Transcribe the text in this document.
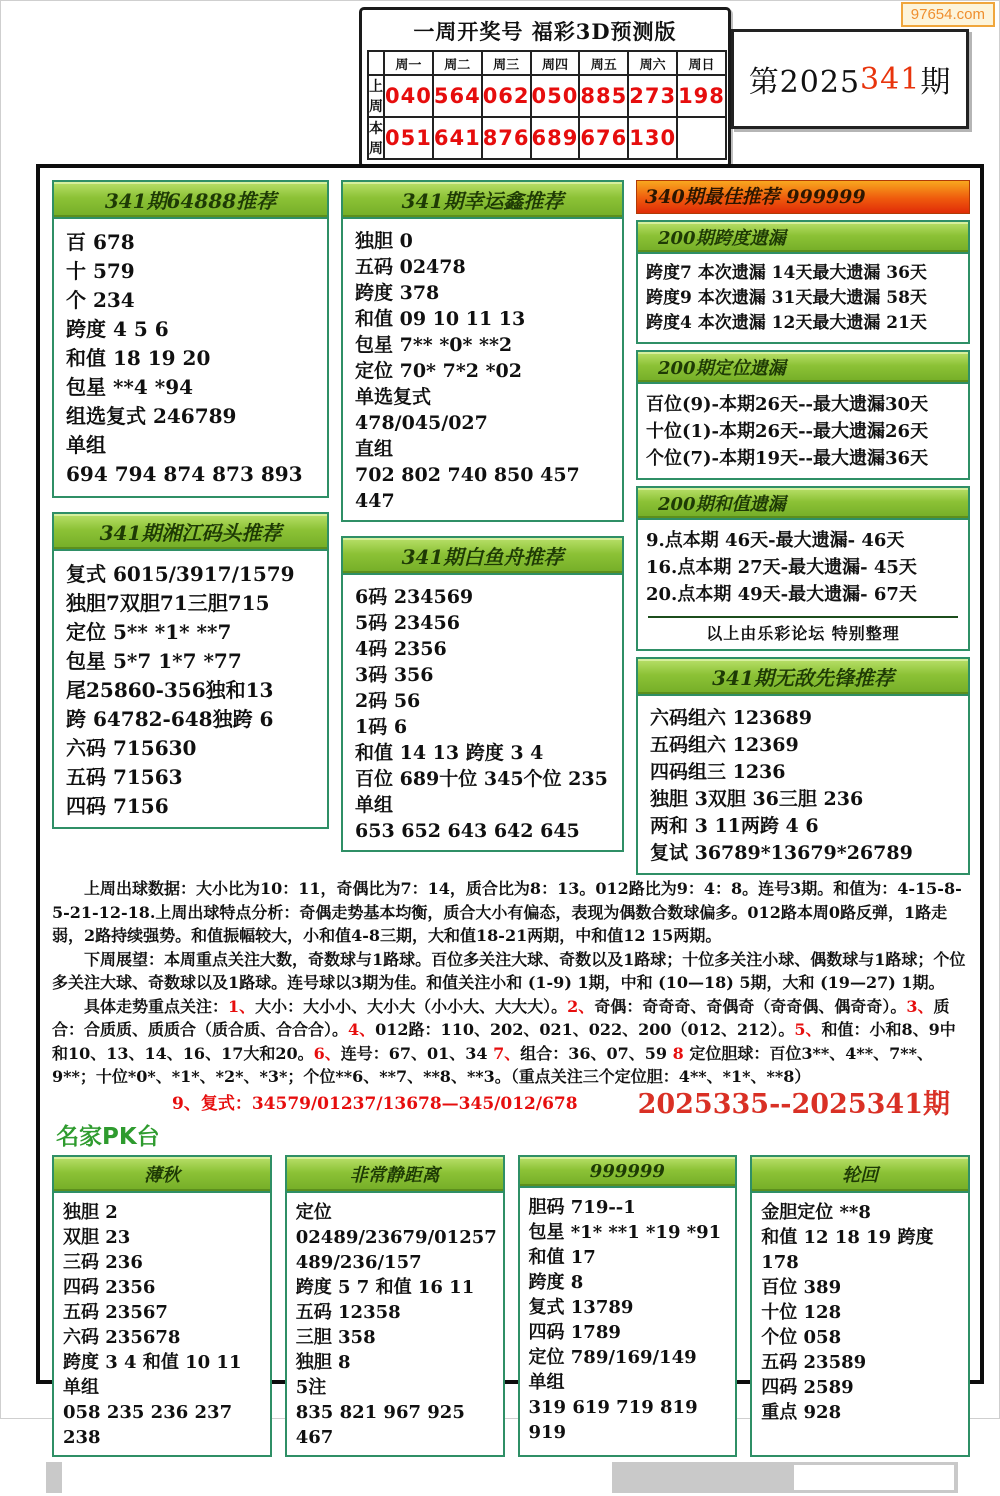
97654.com
一周开奖号 福彩3D预测版
	周一	周二	周三	周四	周五	周六	周日
上周	040	564	062	050	885	273	198
本周	051	641	876	689	676	130	
第2025 341 期
341期64888推荐
百 678
十 579
个 234
跨度 4 5 6
和值 18 19 20
包星 **4 *94
组选复式 246789
单组
694 794 874 873 893
341期湘江码头推荐
复式 6015/3917/1579
独胆7双胆71三胆715
定位 5** *1* **7
包星 5*7 1*7 *77
尾25860-356独和13
跨 64782-648独跨 6
六码 715630
五码 71563
四码 7156
341期幸运鑫推荐
独胆 0
五码 02478
跨度 378
和值 09 10 11 13
包星 7** *0* **2
定位 70* 7*2 *02
单选复式
478/045/027
直组
702 802 740 850 457 447
341期白鱼舟推荐
6码 234569
5码 23456
4码 2356
3码 356
2码 56
1码 6
和值 14 13 跨度 3 4
百位 689十位 345个位 235
单组
653 652 643 642 645
340期最佳推荐 999999
200期跨度遗漏
跨度7 本次遗漏 14天最大遗漏 36天
跨度9 本次遗漏 31天最大遗漏 58天
跨度4 本次遗漏 12天最大遗漏 21天
200期定位遗漏
百位(9)-本期26天--最大遗漏30天
十位(1)-本期26天--最大遗漏26天
个位(7)-本期19天--最大遗漏36天
200期和值遗漏
9.点本期 46天-最大遗漏- 46天
16.点本期 27天-最大遗漏- 45天
20.点本期 49天-最大遗漏- 67天
以上由乐彩论坛 特别整理
341期无敌先锋推荐
六码组六 123689
五码组六 12369
四码组三 1236
独胆 3双胆 36三胆 236
两和 3 11两跨 4 6
复试 36789*13679*26789

上周出球数据：大小比为10：11，奇偶比为7：14，质合比为8：13。012路比为9：4：8。连号3期。和值为：4-15-8-5-21-12-18.上周出球特点分析：奇偶走势基本均衡，质合大小有偏态，表现为偶数合数球偏多。012路本周0路反弹，1路走弱，2路持续强势。和值振幅较大，小和值4-8三期，大和值18-21两期，中和值12 15两期。

下周展望：本周重点关注大数，奇数球与1路球。百位多关注大球、奇数以及1路球；十位多关注小球、偶数球与1路球；个位多关注大球、奇数球以及1路球。连号球以3期为佳。和值关注小和 (1-9) 1期，中和 (10—18) 5期，大和 (19—27) 1期。

具体走势重点关注：1、大小：大小小、大小大（小小大、大大大）。2、奇偶：奇奇奇、奇偶奇（奇奇偶、偶奇奇）。3、质合：合质质、质质合（质合质、合合合）。4、012路：110、202、021、022、200（012、212）。5、和值：小和8、9中和10、13、14、16、17大和20。6、连号：67、01、34 7、组合：36、07、59 8 定位胆球：百位3**、4**、7**、9**；十位*0*、*1*、*2*、*3*；个位**6、**7、**8、**3。（重点关注三个定位胆：4**、*1*、**8）

9、复式：34579/01237/13678—345/012/678 2025335--2025341期
名家PK台
薄秋
独胆 2
双胆 23
三码 236
四码 2356
五码 23567
六码 235678
跨度 3 4 和值 10 11
单组
058 235 236 237 238
非常静距离
定位
02489/23679/01257
489/236/157
跨度 5 7 和值 16 11
五码 12358
三胆 358
独胆 8
5注
835 821 967 925 467
999999
胆码 719--1
包星 *1* **1 *19 *91
和值 17
跨度 8
复式 13789
四码 1789
定位 789/169/149
单组
319 619 719 819 919
轮回
金胆定位 **8
和值 12 18 19 跨度 178
百位 389
十位 128
个位 058
五码 23589
四码 2589
重点 928
